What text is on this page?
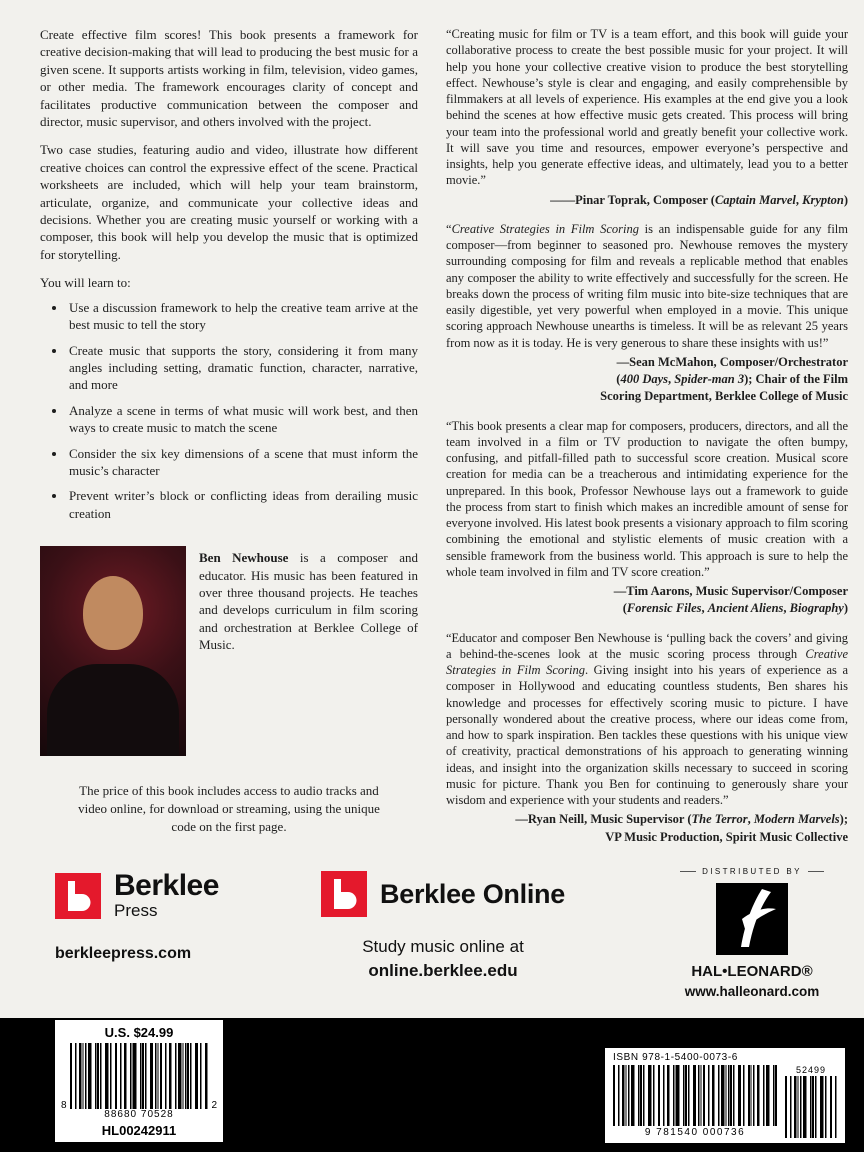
Create effective film scores! This book presents a framework for creative decision-making that will lead to producing the best music for a given scene. It supports artists working in film, television, video games, or other media. The framework encourages clarity of concept and facilitates productive communication between the composer and director, music supervisor, and others involved with the project.

Two case studies, featuring audio and video, illustrate how different creative choices can control the expressive effect of the scene. Practical worksheets are included, which will help your team brainstorm, articulate, organize, and communicate your collective ideas and decisions. Whether you are creating music yourself or working with a composer, this book will help you develop the music that is optimized for storytelling.

You will learn to:

• Use a discussion framework to help the creative team arrive at the best music to tell the story
• Create music that supports the story, considering it from many angles including setting, dramatic function, character, narrative, and more
• Analyze a scene in terms of what music will work best, and then ways to create music to match the scene
• Consider the six key dimensions of a scene that must inform the music’s character
• Prevent writer’s block or conflicting ideas from derailing music creation

Ben Newhouse is a composer and educator. His music has been featured in over three thousand projects. He teaches and develops curriculum in film scoring and orchestration at Berklee College of Music.

The price of this book includes access to audio tracks and video online, for download or streaming, using the unique code on the first page.

“Creating music for film or TV is a team effort, and this book will guide your collaborative process to create the best possible music for your project. It will help you hone your collective creative vision to produce the best storytelling effect. Newhouse’s style is clear and engaging, and easily comprehensible by filmmakers at all levels of experience. His examples at the end give you a look behind the scenes at how effective music gets created. This process will bring your team into the professional world and greatly benefit your collective work. It will save you time and resources, empower everyone’s perspective and insights, help you generate effective ideas, and ultimately, lead you to a better movie.”

——Pinar Toprak, Composer (Captain Marvel, Krypton)

“Creative Strategies in Film Scoring is an indispensable guide for any film composer—from beginner to seasoned pro. Newhouse removes the mystery surrounding composing for film and reveals a replicable method that enables any composer the ability to write effectively and successfully for the screen. He breaks down the process of writing film music into bite-size techniques that are easily digestible, yet very powerful when employed in a movie. This unique scoring approach Newhouse unearths is timeless. It will be as relevant 25 years from now as it is today. He is very generous to share these insights with us!”

—Sean McMahon, Composer/Orchestrator
(400 Days, Spider-man 3); Chair of the Film
Scoring Department, Berklee College of Music

“This book presents a clear map for composers, producers, directors, and all the team involved in a film or TV production to navigate the often bumpy, confusing, and pitfall-filled path to successful score creation. Musical score creation for media can be a treacherous and intimidating experience for the unprepared. In this book, Professor Newhouse lays out a framework to guide the process from start to finish which makes an incredible amount of sense for everyone involved. His latest book presents a visionary approach to film scoring combining the emotional and stylistic elements of music creation with a sensible framework from the business world. This approach is sure to help the whole team involved in film and TV score creation.”

—Tim Aarons, Music Supervisor/Composer
(Forensic Files, Ancient Aliens, Biography)

“Educator and composer Ben Newhouse is ‘pulling back the covers’ and giving a behind-the-scenes look at the music scoring process through Creative Strategies in Film Scoring. Giving insight into his years of experience as a composer in Hollywood and educating countless students, Ben shares his knowledge and processes for effectively scoring music to picture. I have personally wondered about the creative process, where our ideas come from, and how to spark inspiration. Ben tackles these questions with his unique view of creativity, practical demonstrations of his approach to generating winning ideas, and insight into the organization skills necessary to succeed in scoring music for picture. Thank you Ben for continuing to generously share your wisdom and experience with your students and readers.”

—Ryan Neill, Music Supervisor (The Terror, Modern Marvels);
VP Music Production, Spirit Music Collective
Berklee
Press
berkleepress.com
Berklee Online
Study music online at
online.berklee.edu
DISTRIBUTED BY
HAL•LEONARD®
www.halleonard.com
U.S. $24.99
8
88680 70528
2
HL00242911
ISBN 978-1-5400-0073-6
9 781540 000736
52499
